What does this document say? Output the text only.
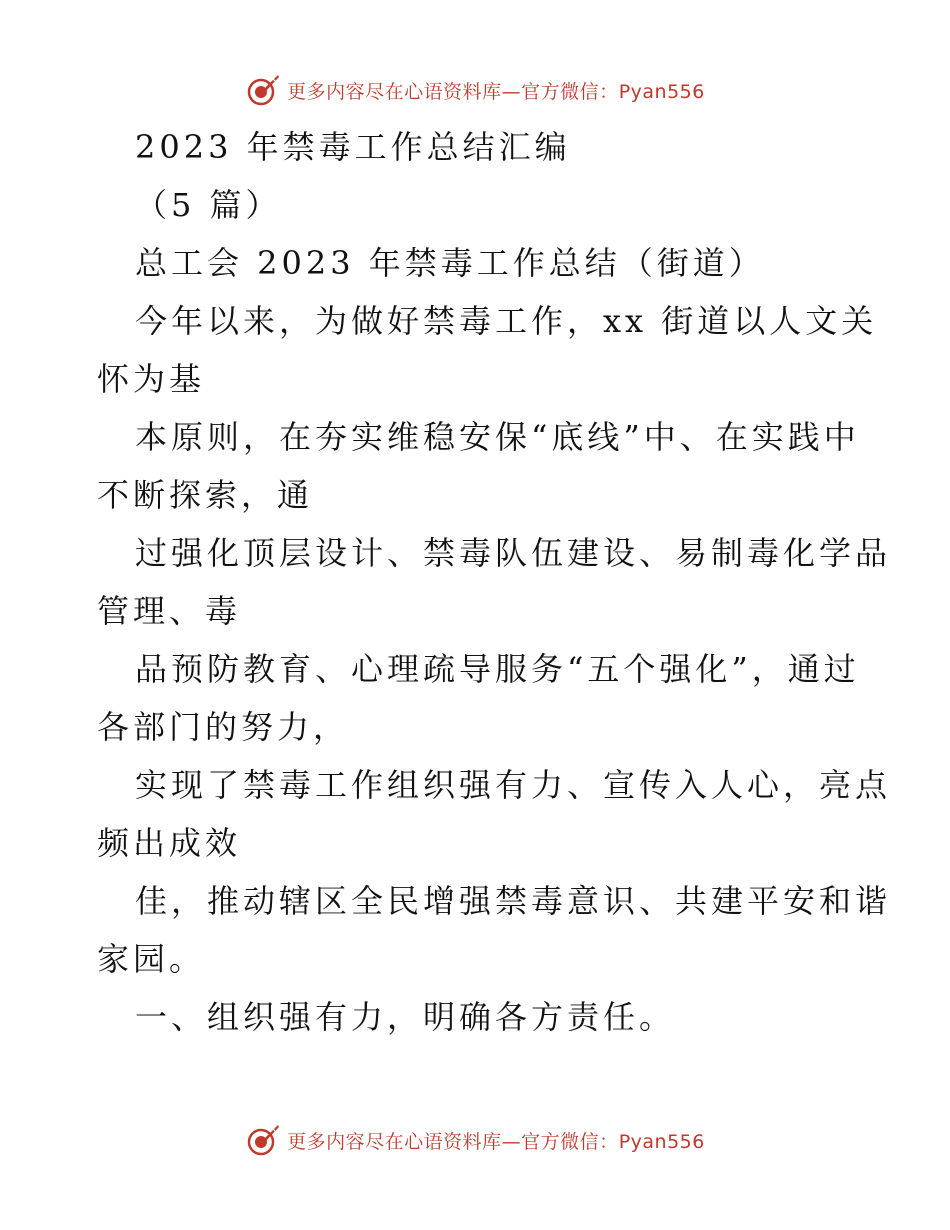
更多内容尽在心语资料库—官方微信：Pyan556
2023 年禁毒工作总结汇编
（5 篇）
总工会 2023 年禁毒工作总结（街道）
今年以来，为做好禁毒工作，xx 街道以人文关
怀为基
本原则，在夯实维稳安保“底线”中、在实践中
不断探索，通
过强化顶层设计、禁毒队伍建设、易制毒化学品
管理、毒
品预防教育、心理疏导服务“五个强化”，通过
各部门的努力，
实现了禁毒工作组织强有力、宣传入人心，亮点
频出成效
佳，推动辖区全民增强禁毒意识、共建平安和谐
家园。
一、组织强有力，明确各方责任。
更多内容尽在心语资料库—官方微信：Pyan556
